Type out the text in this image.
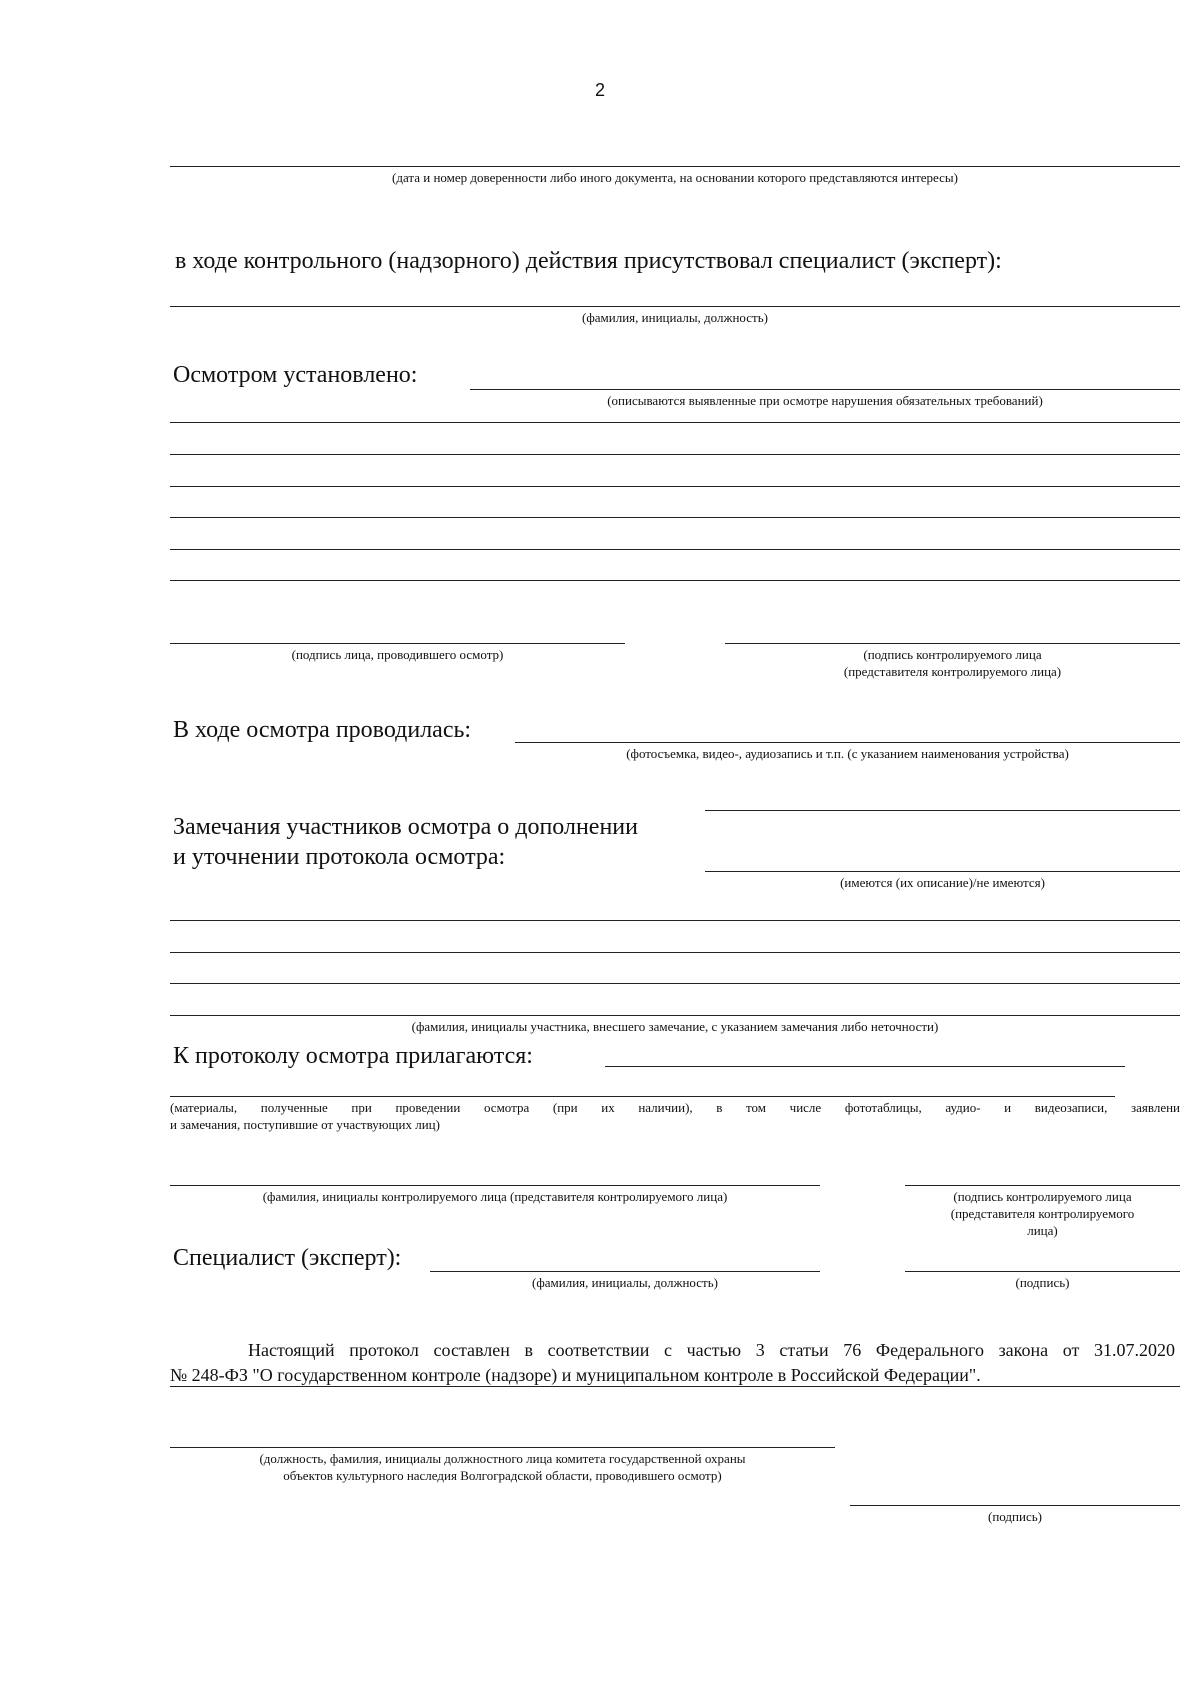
2
(дата и номер доверенности либо иного документа, на основании которого представляются интересы)
в ходе контрольного (надзорного) действия присутствовал специалист (эксперт):
(фамилия, инициалы, должность)
Осмотром установлено:
(описываются выявленные при осмотре нарушения обязательных требований)
(подпись лица, проводившего осмотр)	(подпись контролируемого лица
(представителя контролируемого лица)
В ходе осмотра проводилась:
(фотосъемка, видео-, аудиозапись и т.п. (с указанием наименования устройства)
Замечания участников осмотра о дополнении
и уточнении протокола осмотра:
(имеются (их описание)/не имеются)
(фамилия, инициалы участника, внесшего замечание, с указанием замечания либо неточности)
К протоколу осмотра прилагаются:
(материалы, полученные при проведении осмотра (при их наличии), в том числе фототаблицы, аудио- и видеозаписи, заявлени
и замечания, поступившие от участвующих лиц)
(фамилия, инициалы контролируемого лица (представителя контролируемого лица)	(подпись контролируемого лица
(представителя контролируемого
лица)
Специалист (эксперт):
(фамилия, инициалы, должность)	(подпись)
Настоящий протокол составлен в соответствии с частью 3 статьи 76 Федерального закона от 31.07.2020
№ 248-ФЗ "О государственном контроле (надзоре) и муниципальном контроле в Российской Федерации".
(должность, фамилия, инициалы должностного лица комитета государственной охраны
объектов культурного наследия Волгоградской области, проводившего осмотр)
(подпись)
